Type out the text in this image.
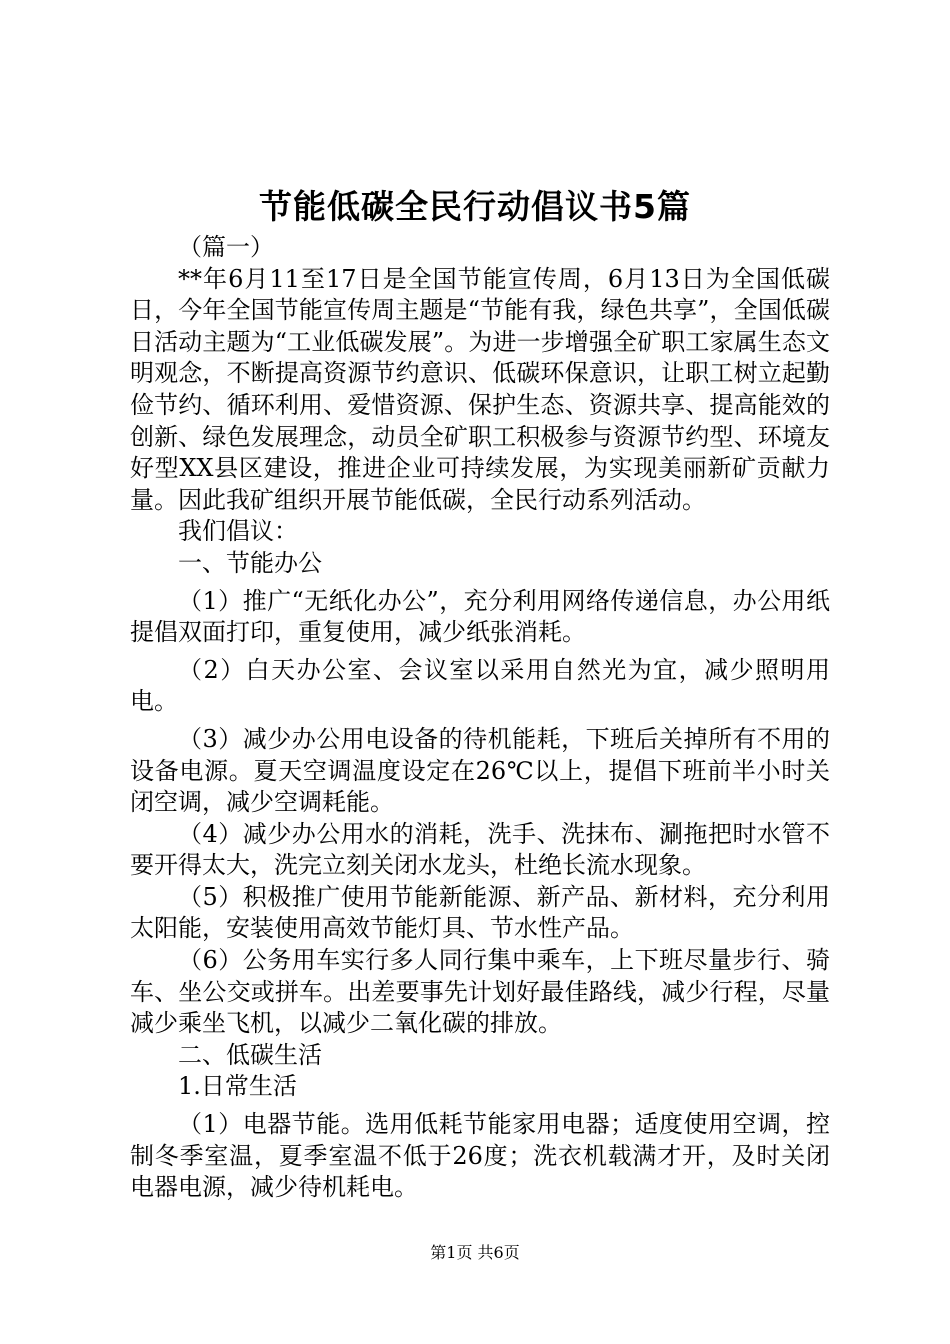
节能低碳全民行动倡议书5篇

（篇一）

**年6月11至17日是全国节能宣传周，6月13日为全国低碳日，今年全国节能宣传周主题是“节能有我，绿色共享”，全国低碳日活动主题为“工业低碳发展”。为进一步增强全矿职工家属生态文明观念，不断提高资源节约意识、低碳环保意识，让职工树立起勤俭节约、循环利用、爱惜资源、保护生态、资源共享、提高能效的创新、绿色发展理念，动员全矿职工积极参与资源节约型、环境友好型XX县区建设，推进企业可持续发展，为实现美丽新矿贡献力量。因此我矿组织开展节能低碳，全民行动系列活动。

我们倡议：

一、节能办公

（1）推广“无纸化办公”，充分利用网络传递信息，办公用纸提倡双面打印，重复使用，减少纸张消耗。

（2）白天办公室、会议室以采用自然光为宜，减少照明用电。

（3）减少办公用电设备的待机能耗，下班后关掉所有不用的设备电源。夏天空调温度设定在26℃以上，提倡下班前半小时关闭空调，减少空调耗能。

（4）减少办公用水的消耗，洗手、洗抹布、涮拖把时水管不要开得太大，洗完立刻关闭水龙头，杜绝长流水现象。

（5）积极推广使用节能新能源、新产品、新材料，充分利用太阳能，安装使用高效节能灯具、节水性产品。

（6）公务用车实行多人同行集中乘车，上下班尽量步行、骑车、坐公交或拼车。出差要事先计划好最佳路线，减少行程，尽量减少乘坐飞机，以减少二氧化碳的排放。

二、低碳生活

1.日常生活

（1）电器节能。选用低耗节能家用电器；适度使用空调，控制冬季室温，夏季室温不低于26度；洗衣机载满才开，及时关闭电器电源，减少待机耗电。

第1页 共6页
